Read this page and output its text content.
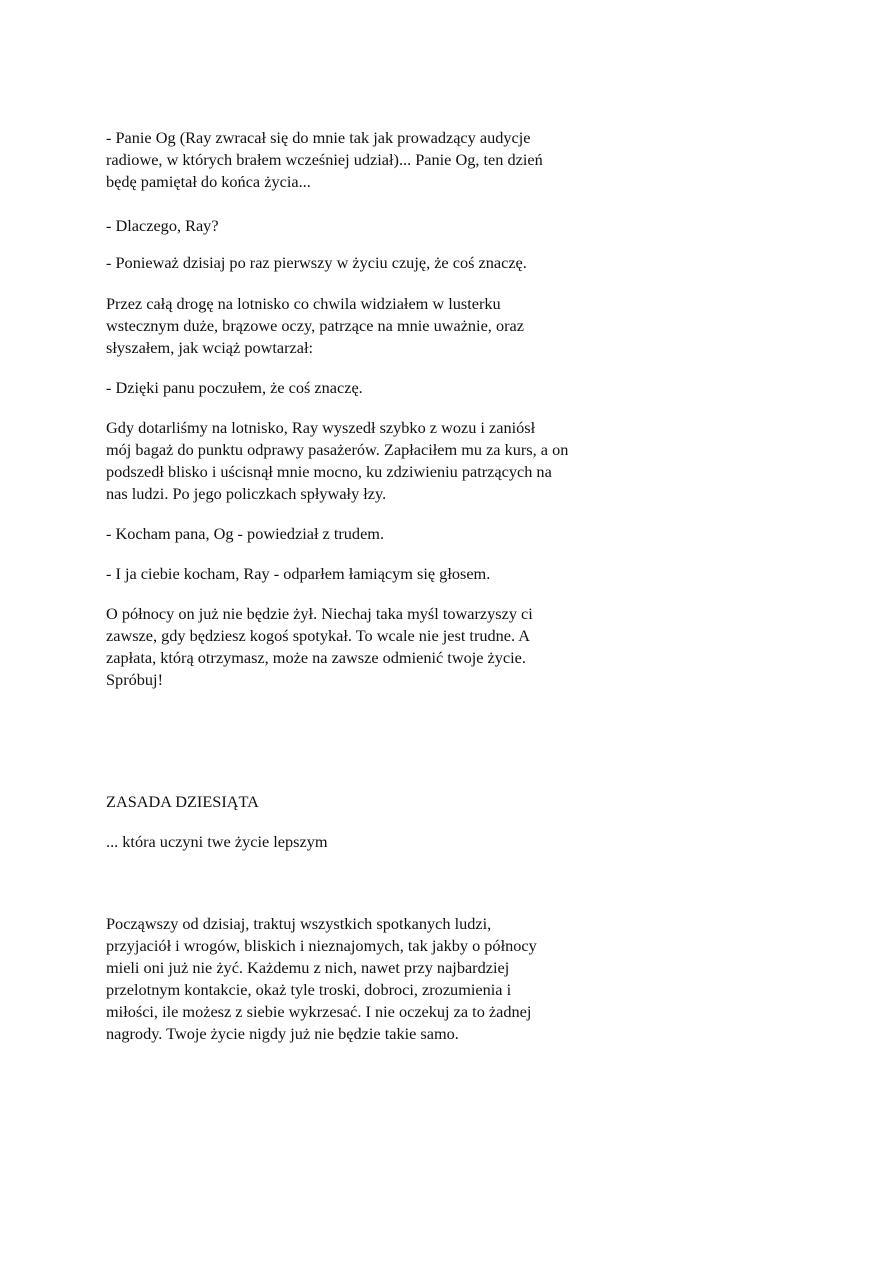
- Panie Og (Ray zwracał się do mnie tak jak prowadzący audycje
radiowe, w których brałem wcześniej udział)... Panie Og, ten dzień
będę pamiętał do końca życia...

- Dlaczego, Ray?

- Ponieważ dzisiaj po raz pierwszy w życiu czuję, że coś znaczę.

Przez całą drogę na lotnisko co chwila widziałem w lusterku
wstecznym duże, brązowe oczy, patrzące na mnie uważnie, oraz
słyszałem, jak wciąż powtarzał:

- Dzięki panu poczułem, że coś znaczę.

Gdy dotarliśmy na lotnisko, Ray wyszedł szybko z wozu i zaniósł
mój bagaż do punktu odprawy pasażerów. Zapłaciłem mu za kurs, a on
podszedł blisko i uścisnął mnie mocno, ku zdziwieniu patrzących na
nas ludzi. Po jego policzkach spływały łzy.

- Kocham pana, Og - powiedział z trudem.

- I ja ciebie kocham, Ray - odparłem łamiącym się głosem.

O północy on już nie będzie żył. Niechaj taka myśl towarzyszy ci
zawsze, gdy będziesz kogoś spotykał. To wcale nie jest trudne. A
zapłata, którą otrzymasz, może na zawsze odmienić twoje życie.
Spróbuj!

ZASADA DZIESIĄTA

... która uczyni twe życie lepszym

Począwszy od dzisiaj, traktuj wszystkich spotkanych ludzi,
przyjaciół i wrogów, bliskich i nieznajomych, tak jakby o północy
mieli oni już nie żyć. Każdemu z nich, nawet przy najbardziej
przelotnym kontakcie, okaż tyle troski, dobroci, zrozumienia i
miłości, ile możesz z siebie wykrzesać. I nie oczekuj za to żadnej
nagrody. Twoje życie nigdy już nie będzie takie samo.
